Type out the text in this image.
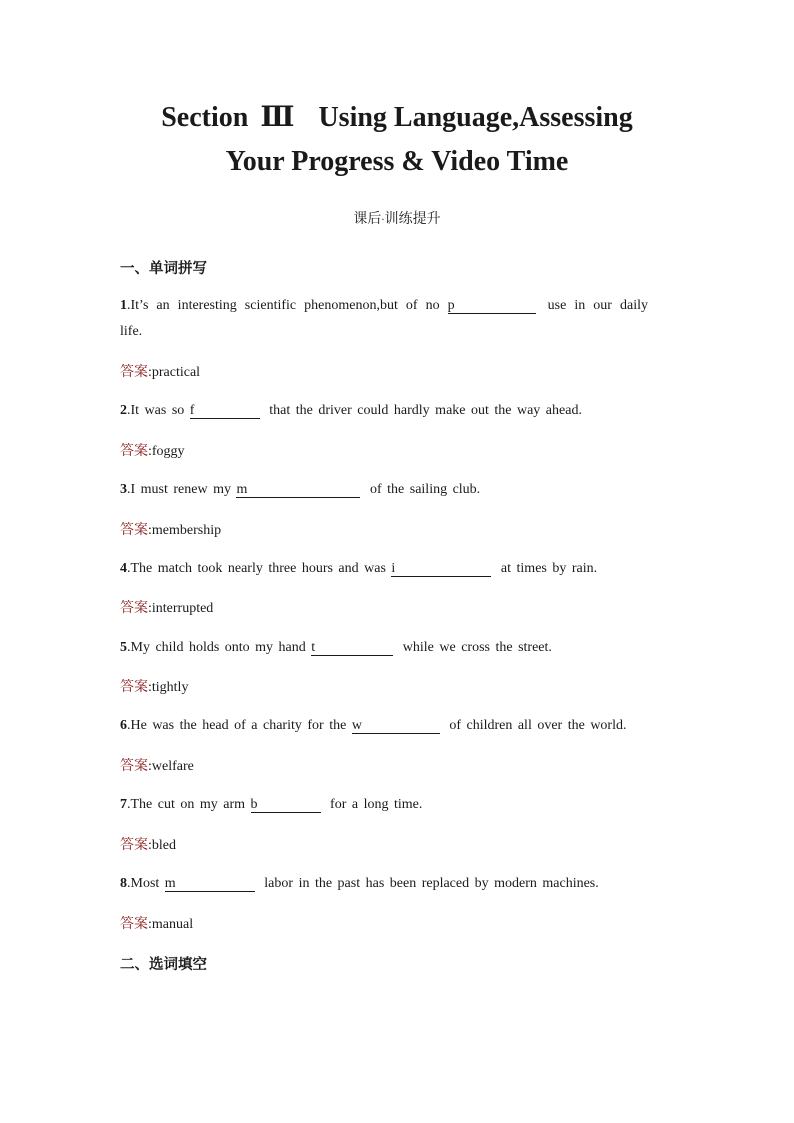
Section Ⅲ Using Language,Assessing
Your Progress & Video Time
课后·训练提升
一、单词拼写
1.It’s an interesting scientific phenomenon,but of no p	use in our daily
life.
答案:practical
2.It was so f	that the driver could hardly make out the way ahead.
答案:foggy
3.I must renew my m	of the sailing club.
答案:membership
4.The match took nearly three hours and was i	at times by rain.
答案:interrupted
5.My child holds onto my hand t	while we cross the street.
答案:tightly
6.He was the head of a charity for the w	of children all over the world.
答案:welfare
7.The cut on my arm b	for a long time.
答案:bled
8.Most m	labor in the past has been replaced by modern machines.
答案:manual
二、选词填空
